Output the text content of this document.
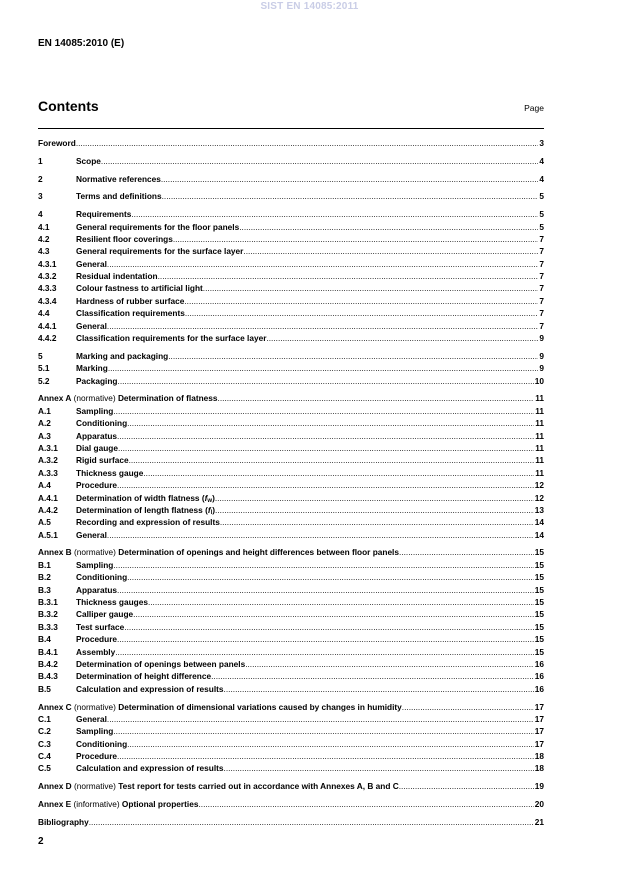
SIST EN 14085:2011
EN 14085:2010 (E)
Contents	Page
Foreword .....	3
1	Scope .....	4
2	Normative references .....	4
3	Terms and definitions .....	5
4	Requirements .....	5
4.1	General requirements for the floor panels .....	5
4.2	Resilient floor coverings .....	7
4.3	General requirements for the surface layer .....	7
4.3.1	General .....	7
4.3.2	Residual indentation .....	7
4.3.3	Colour fastness to artificial light .....	7
4.3.4	Hardness of rubber surface .....	7
4.4	Classification requirements .....	7
4.4.1	General .....	7
4.4.2	Classification requirements for the surface layer .....	9
5	Marking and packaging .....	9
5.1	Marking .....	9
5.2	Packaging .....	10
Annex A (normative) Determination of flatness .....	11
A.1	Sampling .....	11
A.2	Conditioning .....	11
A.3	Apparatus .....	11
A.3.1	Dial gauge .....	11
A.3.2	Rigid surface .....	11
A.3.3	Thickness gauge .....	11
A.4	Procedure .....	12
A.4.1	Determination of width flatness (fw) .....	12
A.4.2	Determination of length flatness (fl) .....	13
A.5	Recording and expression of results .....	14
A.5.1	General .....	14
Annex B (normative) Determination of openings and height differences between floor panels .....	15
B.1	Sampling .....	15
B.2	Conditioning .....	15
B.3	Apparatus .....	15
B.3.1	Thickness gauges .....	15
B.3.2	Calliper gauge .....	15
B.3.3	Test surface .....	15
B.4	Procedure .....	15
B.4.1	Assembly .....	15
B.4.2	Determination of openings between panels .....	16
B.4.3	Determination of height difference .....	16
B.5	Calculation and expression of results .....	16
Annex C (normative) Determination of dimensional variations caused by changes in humidity .....	17
C.1	General .....	17
C.2	Sampling .....	17
C.3	Conditioning .....	17
C.4	Procedure .....	18
C.5	Calculation and expression of results .....	18
Annex D (normative) Test report for tests carried out in accordance with Annexes A, B and C .....	19
Annex E (informative) Optional properties .....	20
Bibliography .....	21
2
